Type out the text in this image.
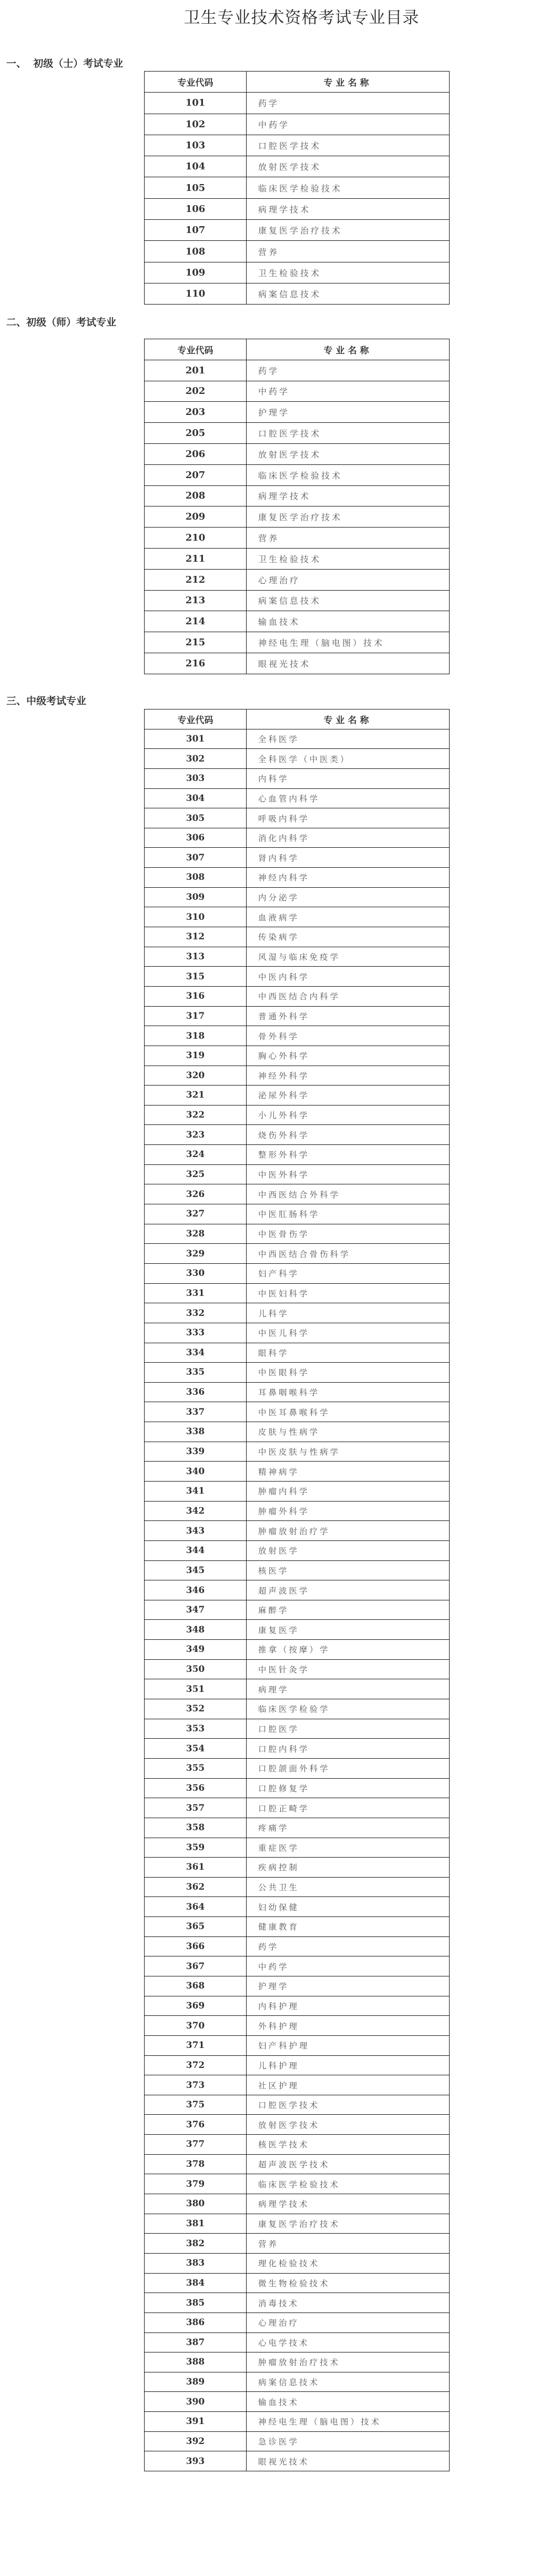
卫生专业技术资格考试专业目录
一、  初级（士）考试专业
专业代码	专业名称
101	药学
102	中药学
103	口腔医学技术
104	放射医学技术
105	临床医学检验技术
106	病理学技术
107	康复医学治疗技术
108	营养
109	卫生检验技术
110	病案信息技术
二、初级（师）考试专业
专业代码	专业名称
201	药学
202	中药学
203	护理学
205	口腔医学技术
206	放射医学技术
207	临床医学检验技术
208	病理学技术
209	康复医学治疗技术
210	营养
211	卫生检验技术
212	心理治疗
213	病案信息技术
214	输血技术
215	神经电生理（脑电图）技术
216	眼视光技术
三、中级考试专业
专业代码	专业名称
301	全科医学
302	全科医学（中医类）
303	内科学
304	心血管内科学
305	呼吸内科学
306	消化内科学
307	肾内科学
308	神经内科学
309	内分泌学
310	血液病学
312	传染病学
313	风湿与临床免疫学
315	中医内科学
316	中西医结合内科学
317	普通外科学
318	骨外科学
319	胸心外科学
320	神经外科学
321	泌尿外科学
322	小儿外科学
323	烧伤外科学
324	整形外科学
325	中医外科学
326	中西医结合外科学
327	中医肛肠科学
328	中医骨伤学
329	中西医结合骨伤科学
330	妇产科学
331	中医妇科学
332	儿科学
333	中医儿科学
334	眼科学
335	中医眼科学
336	耳鼻咽喉科学
337	中医耳鼻喉科学
338	皮肤与性病学
339	中医皮肤与性病学
340	精神病学
341	肿瘤内科学
342	肿瘤外科学
343	肿瘤放射治疗学
344	放射医学
345	核医学
346	超声波医学
347	麻醉学
348	康复医学
349	推拿（按摩）学
350	中医针灸学
351	病理学
352	临床医学检验学
353	口腔医学
354	口腔内科学
355	口腔颌面外科学
356	口腔修复学
357	口腔正畸学
358	疼痛学
359	重症医学
361	疾病控制
362	公共卫生
364	妇幼保健
365	健康教育
366	药学
367	中药学
368	护理学
369	内科护理
370	外科护理
371	妇产科护理
372	儿科护理
373	社区护理
375	口腔医学技术
376	放射医学技术
377	核医学技术
378	超声波医学技术
379	临床医学检验技术
380	病理学技术
381	康复医学治疗技术
382	营养
383	理化检验技术
384	微生物检验技术
385	消毒技术
386	心理治疗
387	心电学技术
388	肿瘤放射治疗技术
389	病案信息技术
390	输血技术
391	神经电生理（脑电图）技术
392	急诊医学
393	眼视光技术
